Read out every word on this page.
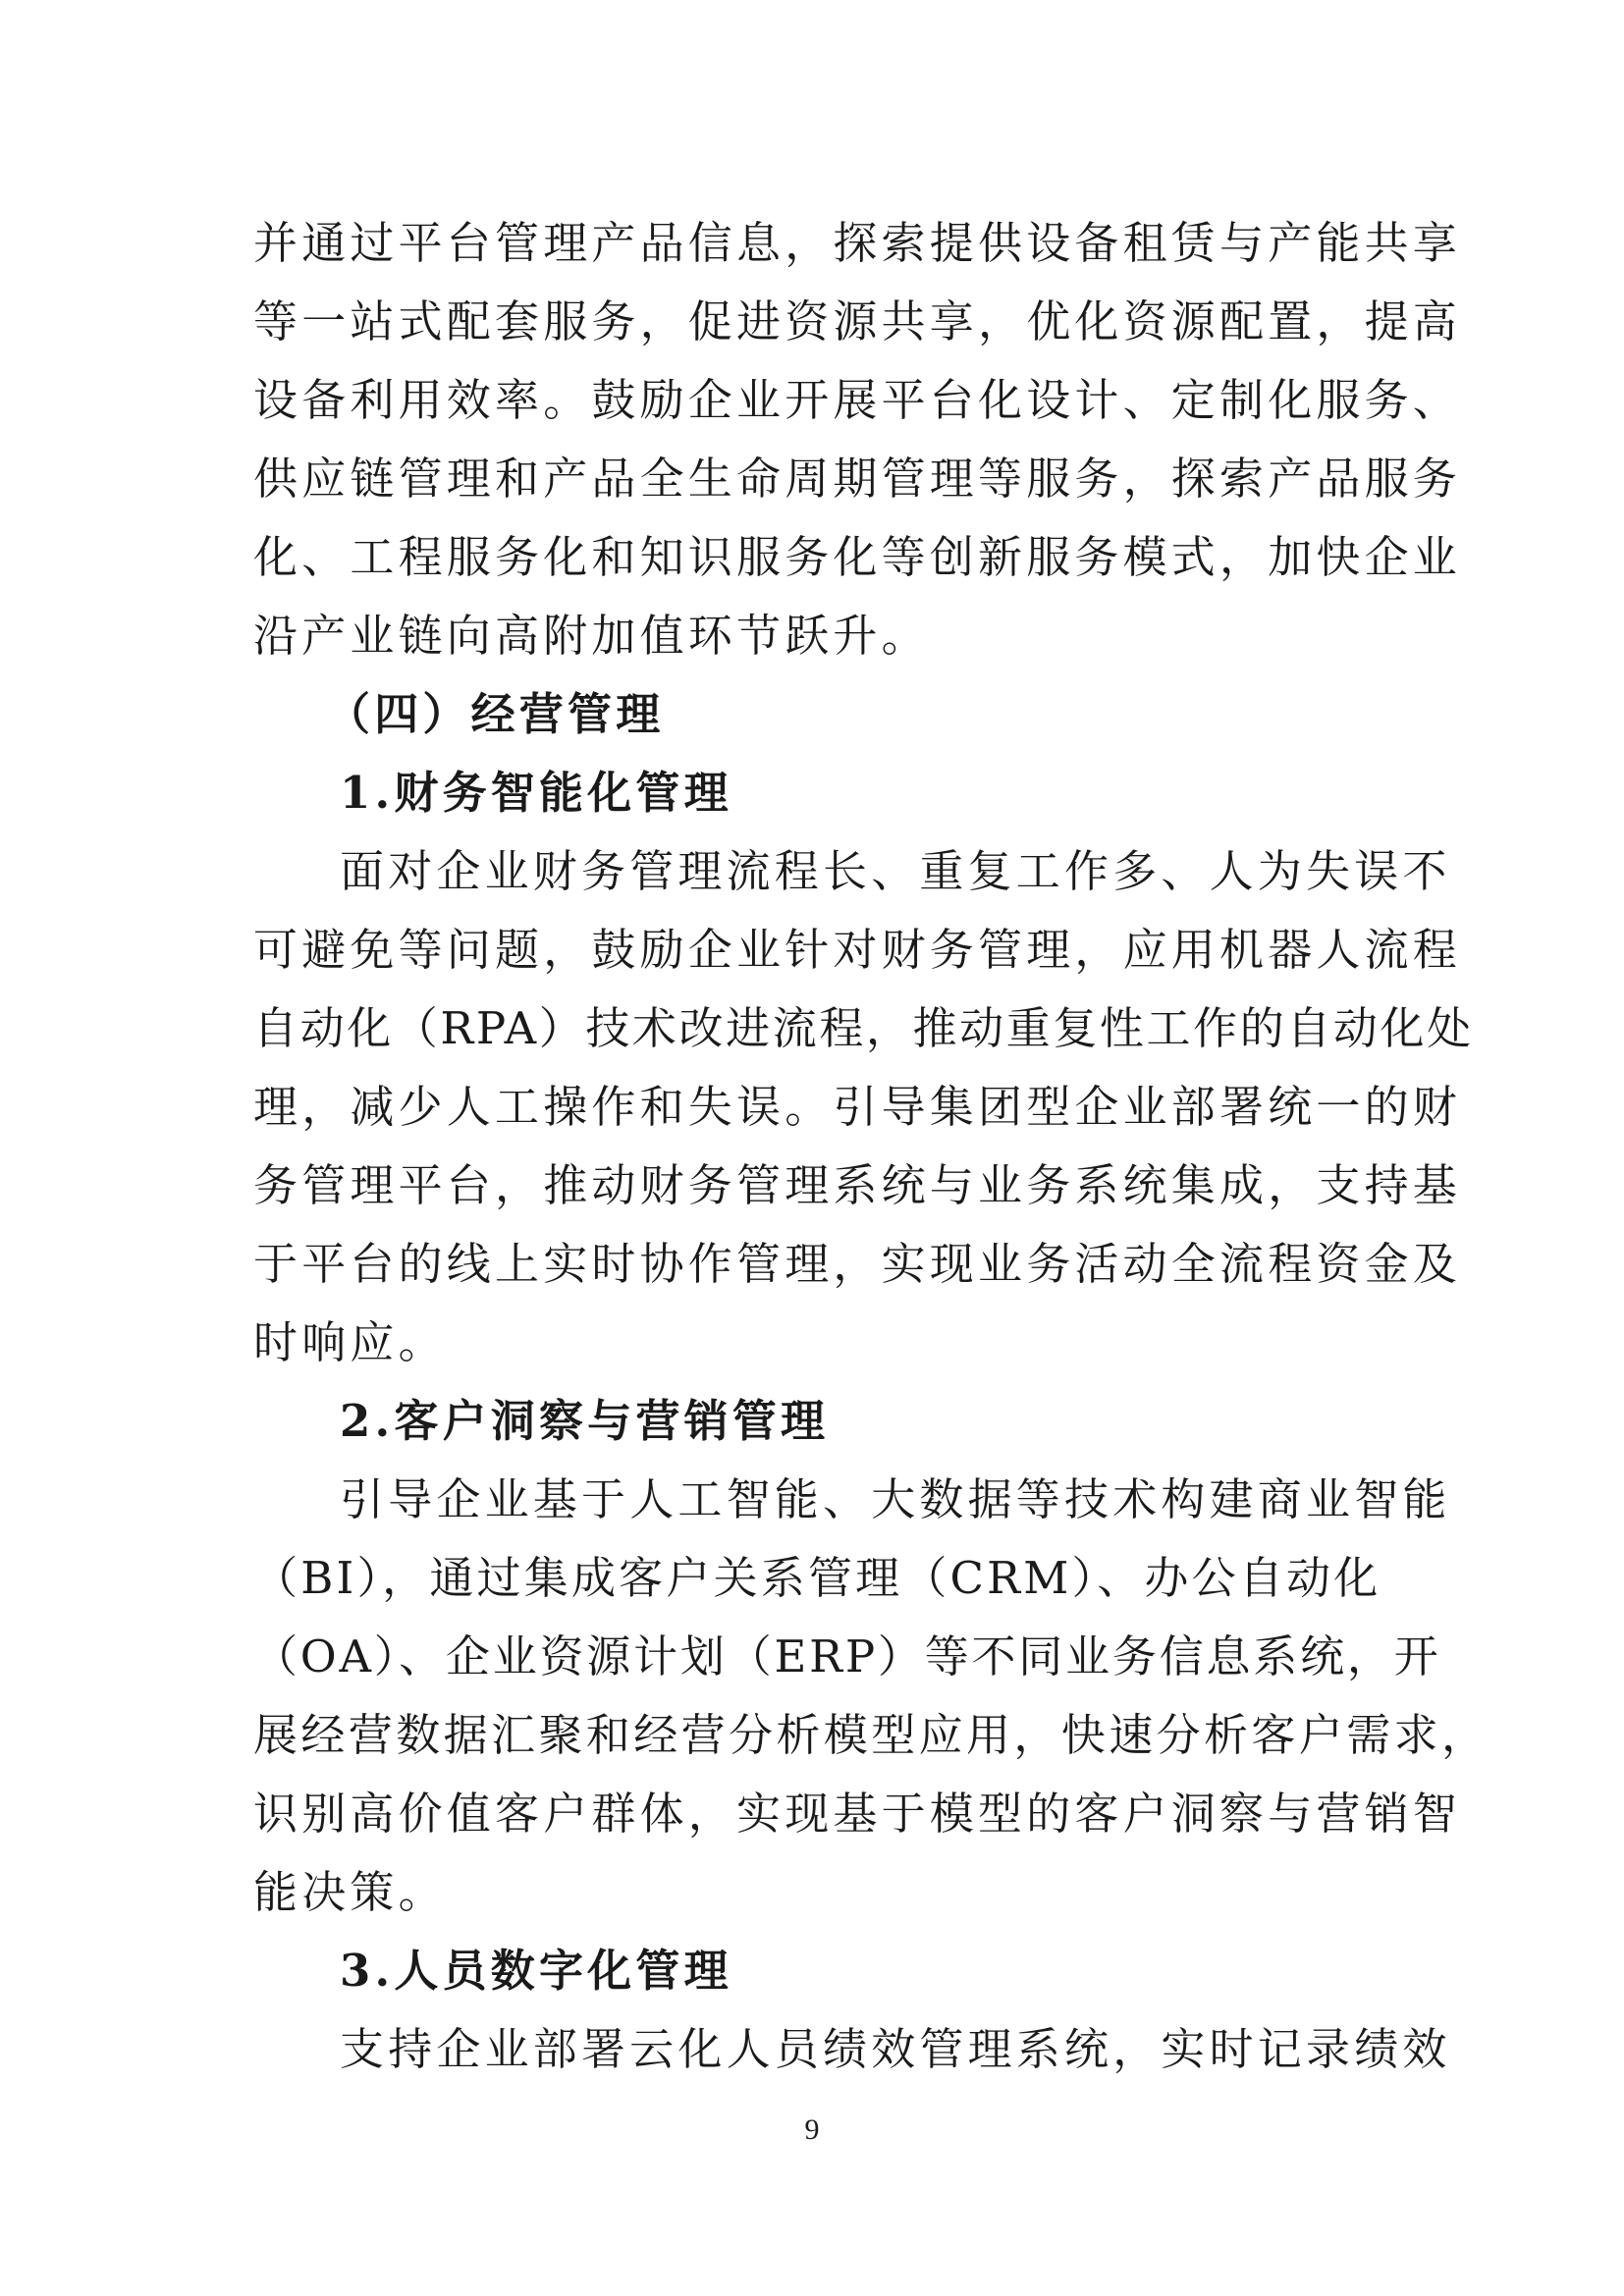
并通过平台管理产品信息，探索提供设备租赁与产能共享
等一站式配套服务，促进资源共享，优化资源配置，提高
设备利用效率。鼓励企业开展平台化设计、定制化服务、
供应链管理和产品全生命周期管理等服务，探索产品服务
化、工程服务化和知识服务化等创新服务模式，加快企业
沿产业链向高附加值环节跃升。
（四）经营管理
1.财务智能化管理
面对企业财务管理流程长、重复工作多、人为失误不
可避免等问题，鼓励企业针对财务管理，应用机器人流程
自动化（RPA）技术改进流程，推动重复性工作的自动化处
理，减少人工操作和失误。引导集团型企业部署统一的财
务管理平台，推动财务管理系统与业务系统集成，支持基
于平台的线上实时协作管理，实现业务活动全流程资金及
时响应。
2.客户洞察与营销管理
引导企业基于人工智能、大数据等技术构建商业智能
（BI），通过集成客户关系管理（CRM）、办公自动化
（OA）、企业资源计划（ERP）等不同业务信息系统，开
展经营数据汇聚和经营分析模型应用，快速分析客户需求，
识别高价值客户群体，实现基于模型的客户洞察与营销智
能决策。
3.人员数字化管理
支持企业部署云化人员绩效管理系统，实时记录绩效
9
